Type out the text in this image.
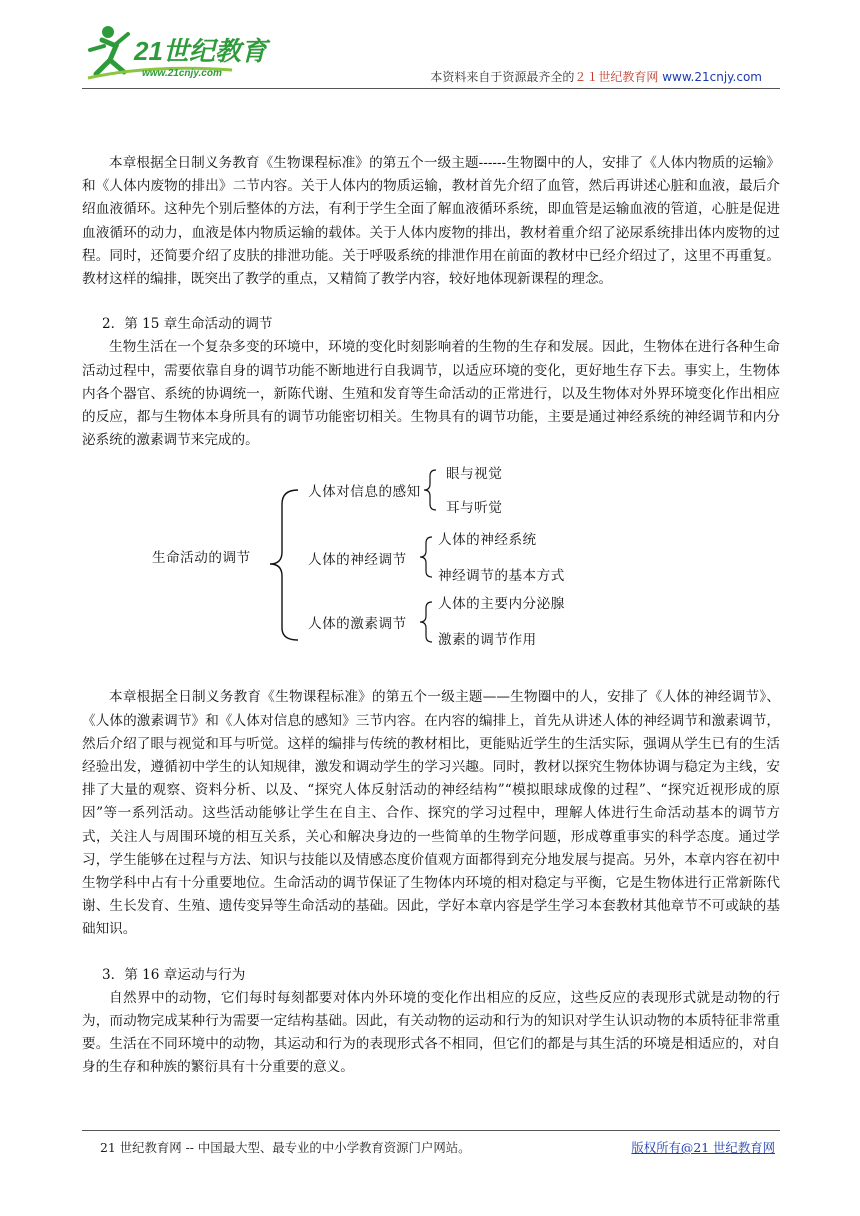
21世纪教育
www.21cnjy.com	本资料来自于资源最齐全的２１世纪教育网 www.21cnjy.com

本章根据全日制义务教育《生物课程标准》的第五个一级主题------生物圈中的人，安排了《人体内物质的运输》和《人体内废物的排出》二节内容。关于人体内的物质运输，教材首先介绍了血管，然后再讲述心脏和血液，最后介绍血液循环。这种先个别后整体的方法，有利于学生全面了解血液循环系统，即血管是运输血液的管道，心脏是促进血液循环的动力，血液是体内物质运输的载体。关于人体内废物的排出，教材着重介绍了泌尿系统排出体内废物的过程。同时，还简要介绍了皮肤的排泄功能。关于呼吸系统的排泄作用在前面的教材中已经介绍过了，这里不再重复。教材这样的编排，既突出了教学的重点，又精简了教学内容，较好地体现新课程的理念。

2．第 15 章生命活动的调节

生物生活在一个复杂多变的环境中，环境的变化时刻影响着的生物的生存和发展。因此，生物体在进行各种生命活动过程中，需要依靠自身的调节功能不断地进行自我调节，以适应环境的变化，更好地生存下去。事实上，生物体内各个器官、系统的协调统一，新陈代谢、生殖和发育等生命活动的正常进行，以及生物体对外界环境变化作出相应的反应，都与生物体本身所具有的调节功能密切相关。生物具有的调节功能，主要是通过神经系统的神经调节和内分泌系统的激素调节来完成的。

生命活动的调节
人体对信息的感知
眼与视觉
耳与听觉
人体的神经调节
人体的神经系统
神经调节的基本方式
人体的激素调节
人体的主要内分泌腺
激素的调节作用

本章根据全日制义务教育《生物课程标准》的第五个一级主题——生物圈中的人，安排了《人体的神经调节》、《人体的激素调节》和《人体对信息的感知》三节内容。在内容的编排上，首先从讲述人体的神经调节和激素调节，然后介绍了眼与视觉和耳与听觉。这样的编排与传统的教材相比，更能贴近学生的生活实际，强调从学生已有的生活经验出发，遵循初中学生的认知规律，激发和调动学生的学习兴趣。同时，教材以探究生物体协调与稳定为主线，安排了大量的观察、资料分析、以及、“探究人体反射活动的神经结构”“模拟眼球成像的过程”、“探究近视形成的原因”等一系列活动。这些活动能够让学生在自主、合作、探究的学习过程中，理解人体进行生命活动基本的调节方式，关注人与周围环境的相互关系，关心和解决身边的一些简单的生物学问题，形成尊重事实的科学态度。通过学习，学生能够在过程与方法、知识与技能以及情感态度价值观方面都得到充分地发展与提高。另外，本章内容在初中生物学科中占有十分重要地位。生命活动的调节保证了生物体内环境的相对稳定与平衡，它是生物体进行正常新陈代谢、生长发育、生殖、遗传变异等生命活动的基础。因此，学好本章内容是学生学习本套教材其他章节不可或缺的基础知识。

3．第 16 章运动与行为

自然界中的动物，它们每时每刻都要对体内外环境的变化作出相应的反应，这些反应的表现形式就是动物的行为，而动物完成某种行为需要一定结构基础。因此，有关动物的运动和行为的知识对学生认识动物的本质特征非常重要。生活在不同环境中的动物，其运动和行为的表现形式各不相同，但它们的都是与其生活的环境是相适应的，对自身的生存和种族的繁衍具有十分重要的意义。

21 世纪教育网 -- 中国最大型、最专业的中小学教育资源门户网站。	版权所有@21 世纪教育网
